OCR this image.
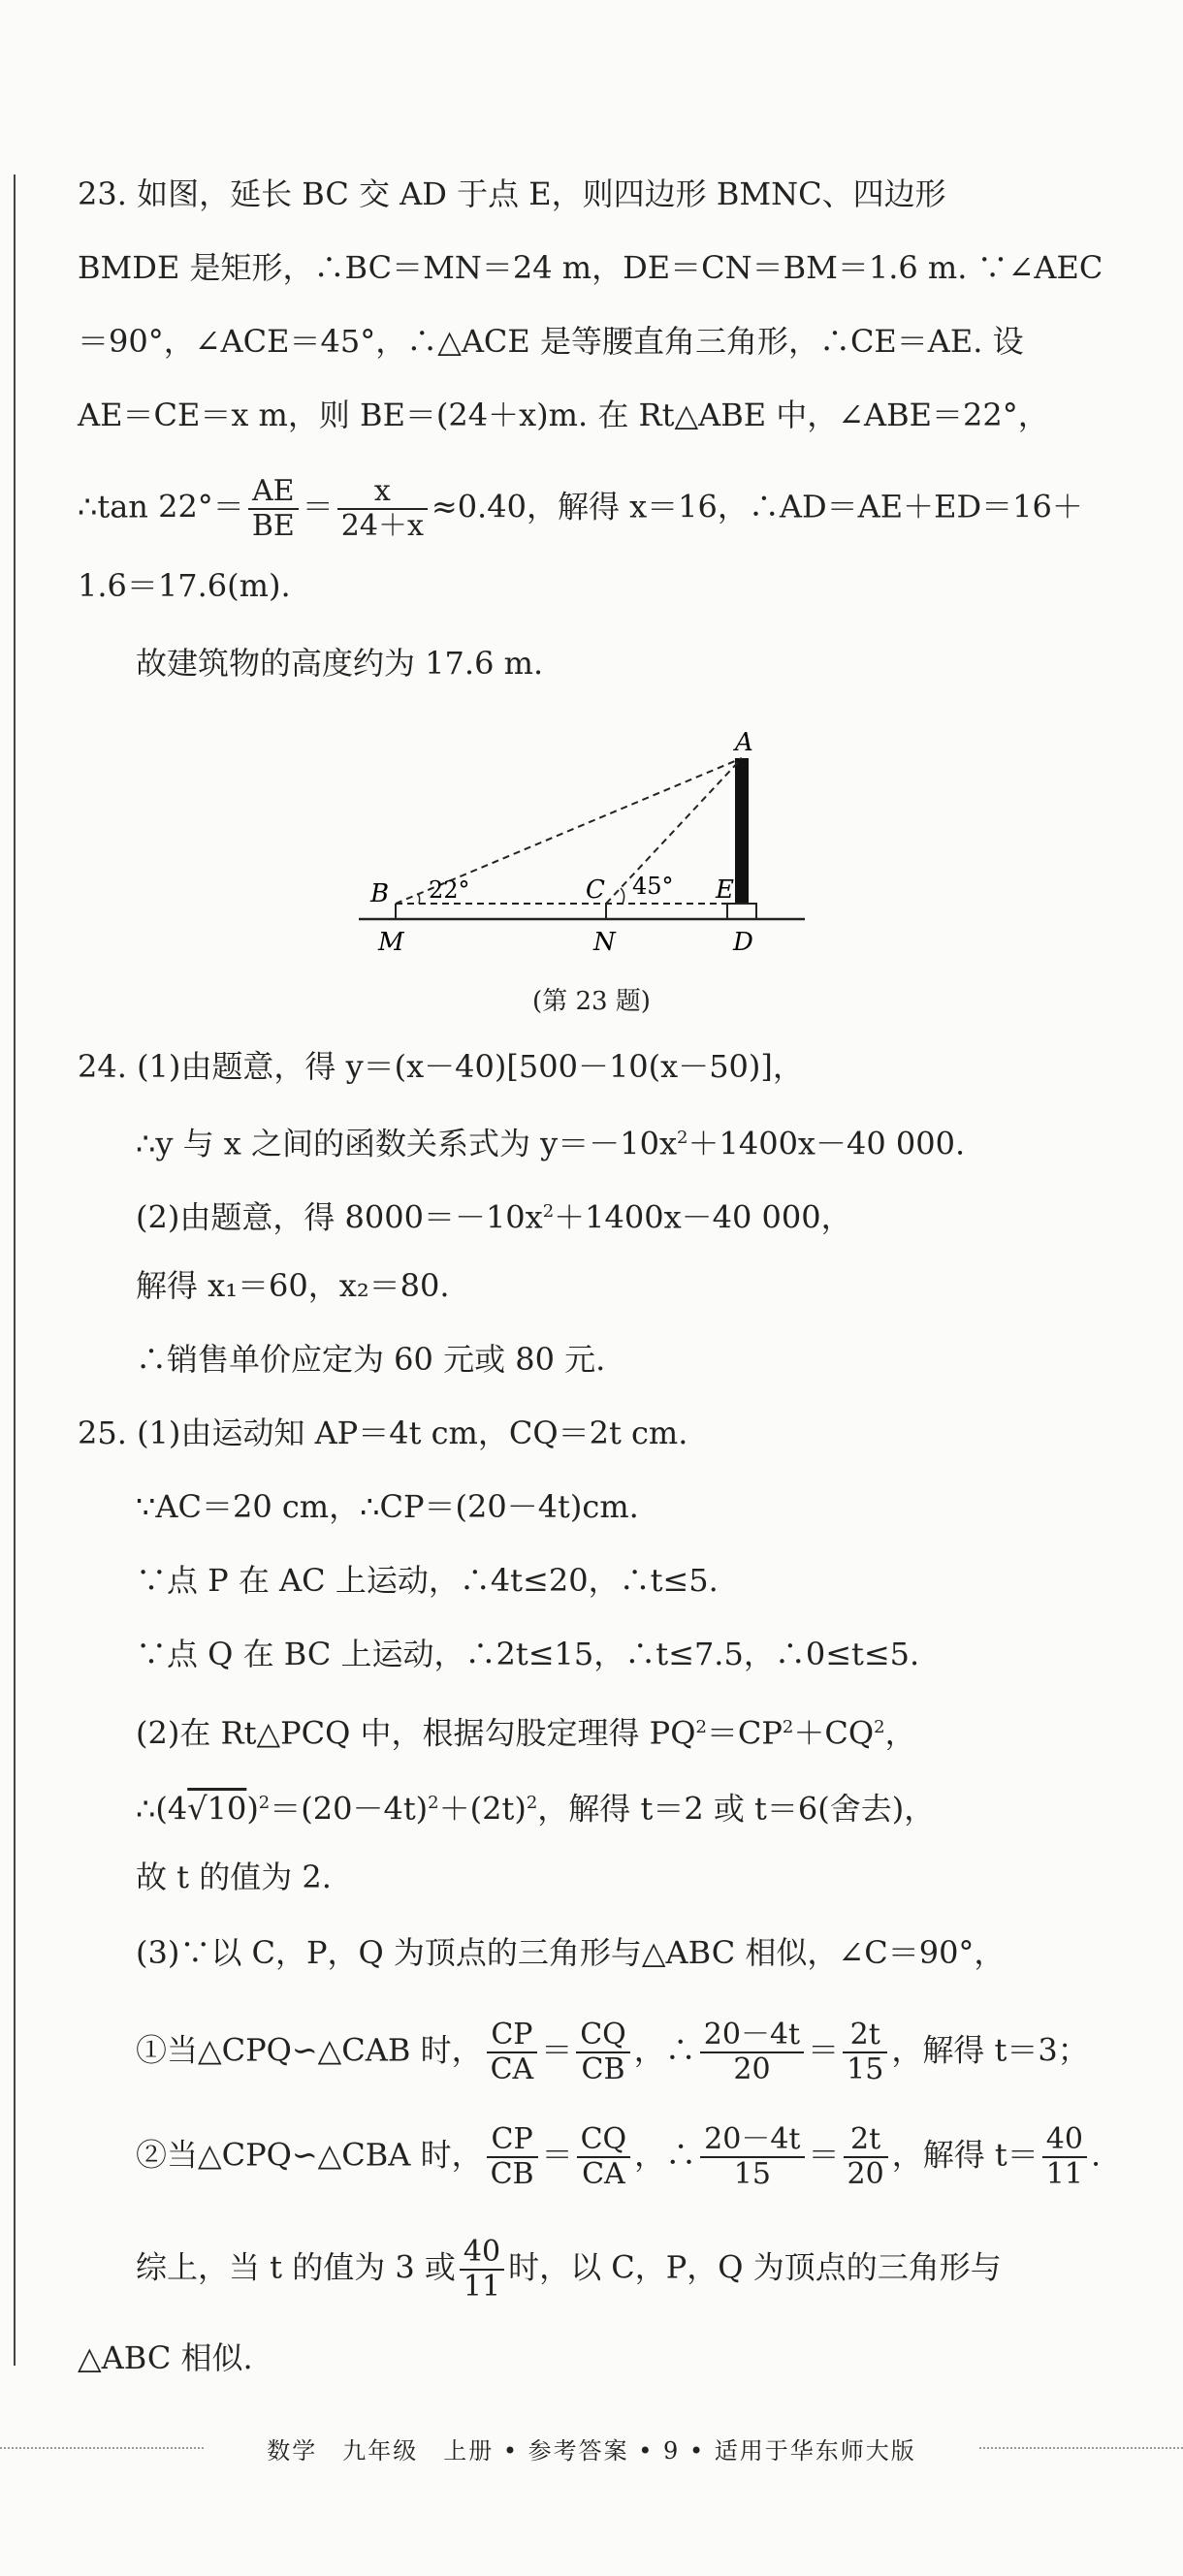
23. 如图，延长 BC 交 AD 于点 E，则四边形 BMNC、四边形
BMDE 是矩形，∴BC＝MN＝24 m，DE＝CN＝BM＝1.6 m. ∵∠AEC
＝90°，∠ACE＝45°，∴△ACE 是等腰直角三角形，∴CE＝AE. 设
AE＝CE＝x m，则 BE＝(24＋x)m. 在 Rt△ABE 中，∠ABE＝22°，
∴tan $22^\circ= \frac{AE}{BE} = \frac{x}{24+x} \approx 0.40$，解得 x＝16，∴AD＝AE＋ED＝16＋
1.6＝17.6(m).
故建筑物的高度约为 17.6 m.
A
B	C	E
M	N	D
22°	45°
(第 23 题)
24. (1)由题意，得 y＝(x－40)[500－10(x－50)]，
∴y 与 x 之间的函数关系式为 $y=-10x^2+1400x-40$ 000.
(2)由题意，得 $8000=-10x^2+1400x-40$ 000，
解得 x₁＝60，x₂＝80.
∴销售单价应定为 60 元或 80 元.
25. (1)由运动知 AP＝4t cm，CQ＝2t cm.
∵AC＝20 cm，∴CP＝(20－4t)cm.
∵点 P 在 AC 上运动，∴4t≤20，∴t≤5.
∵点 Q 在 BC 上运动，∴2t≤15，∴t≤7.5，∴0≤t≤5.
(2)在 Rt△PCQ 中，根据勾股定理得 $PQ^2=CP^2+CQ^2$，
$\therefore(4√10)^2=(20-4t)^2+(2t)^2$，解得 t＝2 或 t＝6(舍去)，
故 t 的值为 2.
(3)∵以 C，P，Q 为顶点的三角形与△ABC 相似，∠C＝90°，
①当△CPQ∽△CAB 时， $\frac{CP}{CA} = \frac{CQ}{CB}$ ，∴ $\frac{20-4t}{20} = \frac{2t}{15}$ ，解得 t＝3；
②当△CPQ∽△CBA 时， $\frac{CP}{CB} = \frac{CQ}{CA}$ ，∴ $\frac{20-4t}{15} = \frac{2t}{20}$ ，解得 $t= \frac{40}{11}$ .
综上，当 t 的值为 3 或 $\frac{40}{11}$ 时，以 C，P，Q 为顶点的三角形与
△ABC 相似.
数学　九年级　上册 • 参考答案 • 9 • 适用于华东师大版
